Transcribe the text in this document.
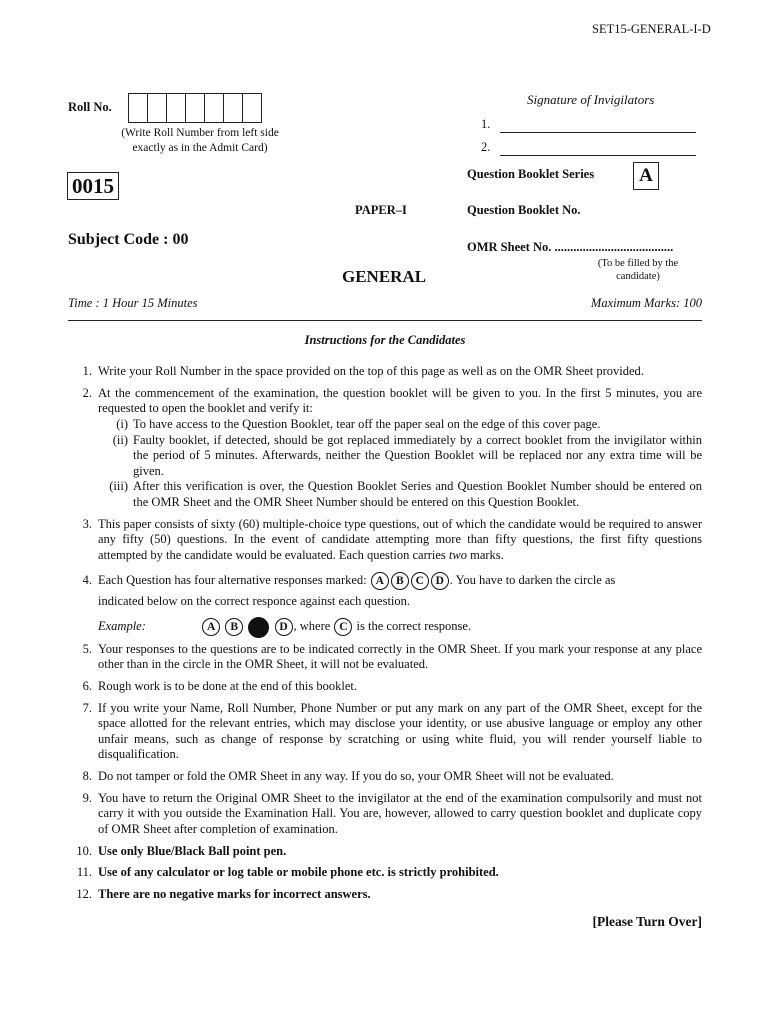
SET15-GENERAL-I-D
Roll No.
(Write Roll Number from left side
exactly as in the Admit Card)
Signature of Invigilators
1.
2.
0015	Question Booklet Series	A
PAPER–I	Question Booklet No.
Subject Code : 00	OMR Sheet No. ......................................
(To be filled by the
candidate)
GENERAL
Time : 1 Hour 15 Minutes	Maximum Marks: 100
Instructions for the Candidates
1. Write your Roll Number in the space provided on the top of this page as well as on the OMR Sheet provided.
2. At the commencement of the examination, the question booklet will be given to you. In the first 5 minutes, you are requested to open the booklet and verify it:
(i) To have access to the Question Booklet, tear off the paper seal on the edge of this cover page.
(ii) Faulty booklet, if detected, should be got replaced immediately by a correct booklet from the invigilator within the period of 5 minutes. Afterwards, neither the Question Booklet will be replaced nor any extra time will be given.
(iii) After this verification is over, the Question Booklet Series and Question Booklet Number should be entered on the OMR Sheet and the OMR Sheet Number should be entered on this Question Booklet.
3. This paper consists of sixty (60) multiple-choice type questions, out of which the candidate would be required to answer any fifty (50) questions. In the event of candidate attempting more than fifty questions, the first fifty questions attempted by the candidate would be evaluated. Each question carries two marks.
4. Each Question has four alternative responses marked: A B C D . You have to darken the circle as
indicated below on the correct responce against each question.
Example:	A B	D , where C is the correct response.
5. Your responses to the questions are to be indicated correctly in the OMR Sheet. If you mark your response at any place other than in the circle in the OMR Sheet, it will not be evaluated.
6. Rough work is to be done at the end of this booklet.
7. If you write your Name, Roll Number, Phone Number or put any mark on any part of the OMR Sheet, except for the space allotted for the relevant entries, which may disclose your identity, or use abusive language or employ any other unfair means, such as change of response by scratching or using white fluid, you will render yourself liable to disqualification.
8. Do not tamper or fold the OMR Sheet in any way. If you do so, your OMR Sheet will not be evaluated.
9. You have to return the Original OMR Sheet to the invigilator at the end of the examination compulsorily and must not carry it with you outside the Examination Hall. You are, however, allowed to carry question booklet and duplicate copy of OMR Sheet after completion of examination.
10. Use only Blue/Black Ball point pen.
11. Use of any calculator or log table or mobile phone etc. is strictly prohibited.
12. There are no negative marks for incorrect answers.
[Please Turn Over]
